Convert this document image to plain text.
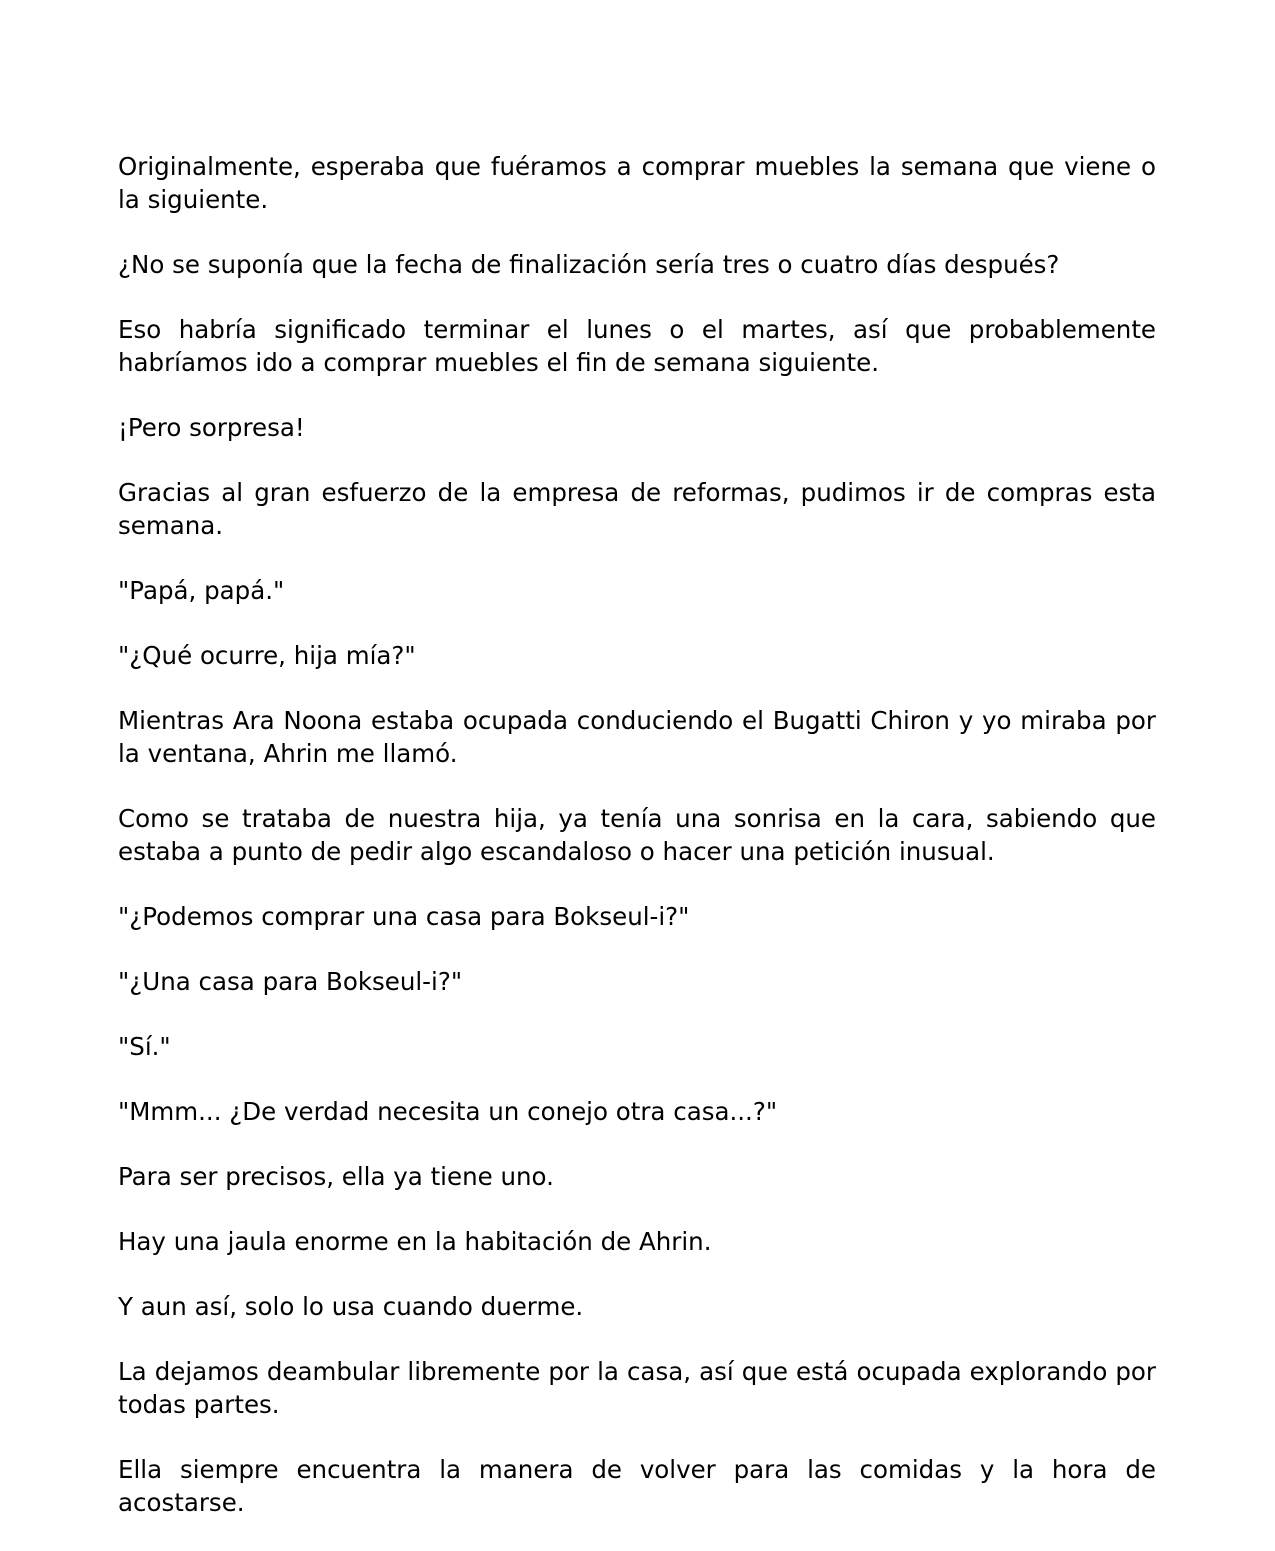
Originalmente, esperaba que fuéramos a comprar muebles la semana que viene o la siguiente.

¿No se suponía que la fecha de finalización sería tres o cuatro días después?

Eso habría significado terminar el lunes o el martes, así que probablemente habríamos ido a comprar muebles el fin de semana siguiente.

¡Pero sorpresa!

Gracias al gran esfuerzo de la empresa de reformas, pudimos ir de compras esta semana.

"Papá, papá."

"¿Qué ocurre, hija mía?"

Mientras Ara Noona estaba ocupada conduciendo el Bugatti Chiron y yo miraba por la ventana, Ahrin me llamó.

Como se trataba de nuestra hija, ya tenía una sonrisa en la cara, sabiendo que estaba a punto de pedir algo escandaloso o hacer una petición inusual.

"¿Podemos comprar una casa para Bokseul-i?"

"¿Una casa para Bokseul-i?"

"Sí."

"Mmm... ¿De verdad necesita un conejo otra casa...?"

Para ser precisos, ella ya tiene uno.

Hay una jaula enorme en la habitación de Ahrin.

Y aun así, solo lo usa cuando duerme.

La dejamos deambular libremente por la casa, así que está ocupada explorando por todas partes.

Ella siempre encuentra la manera de volver para las comidas y la hora de acostarse.
